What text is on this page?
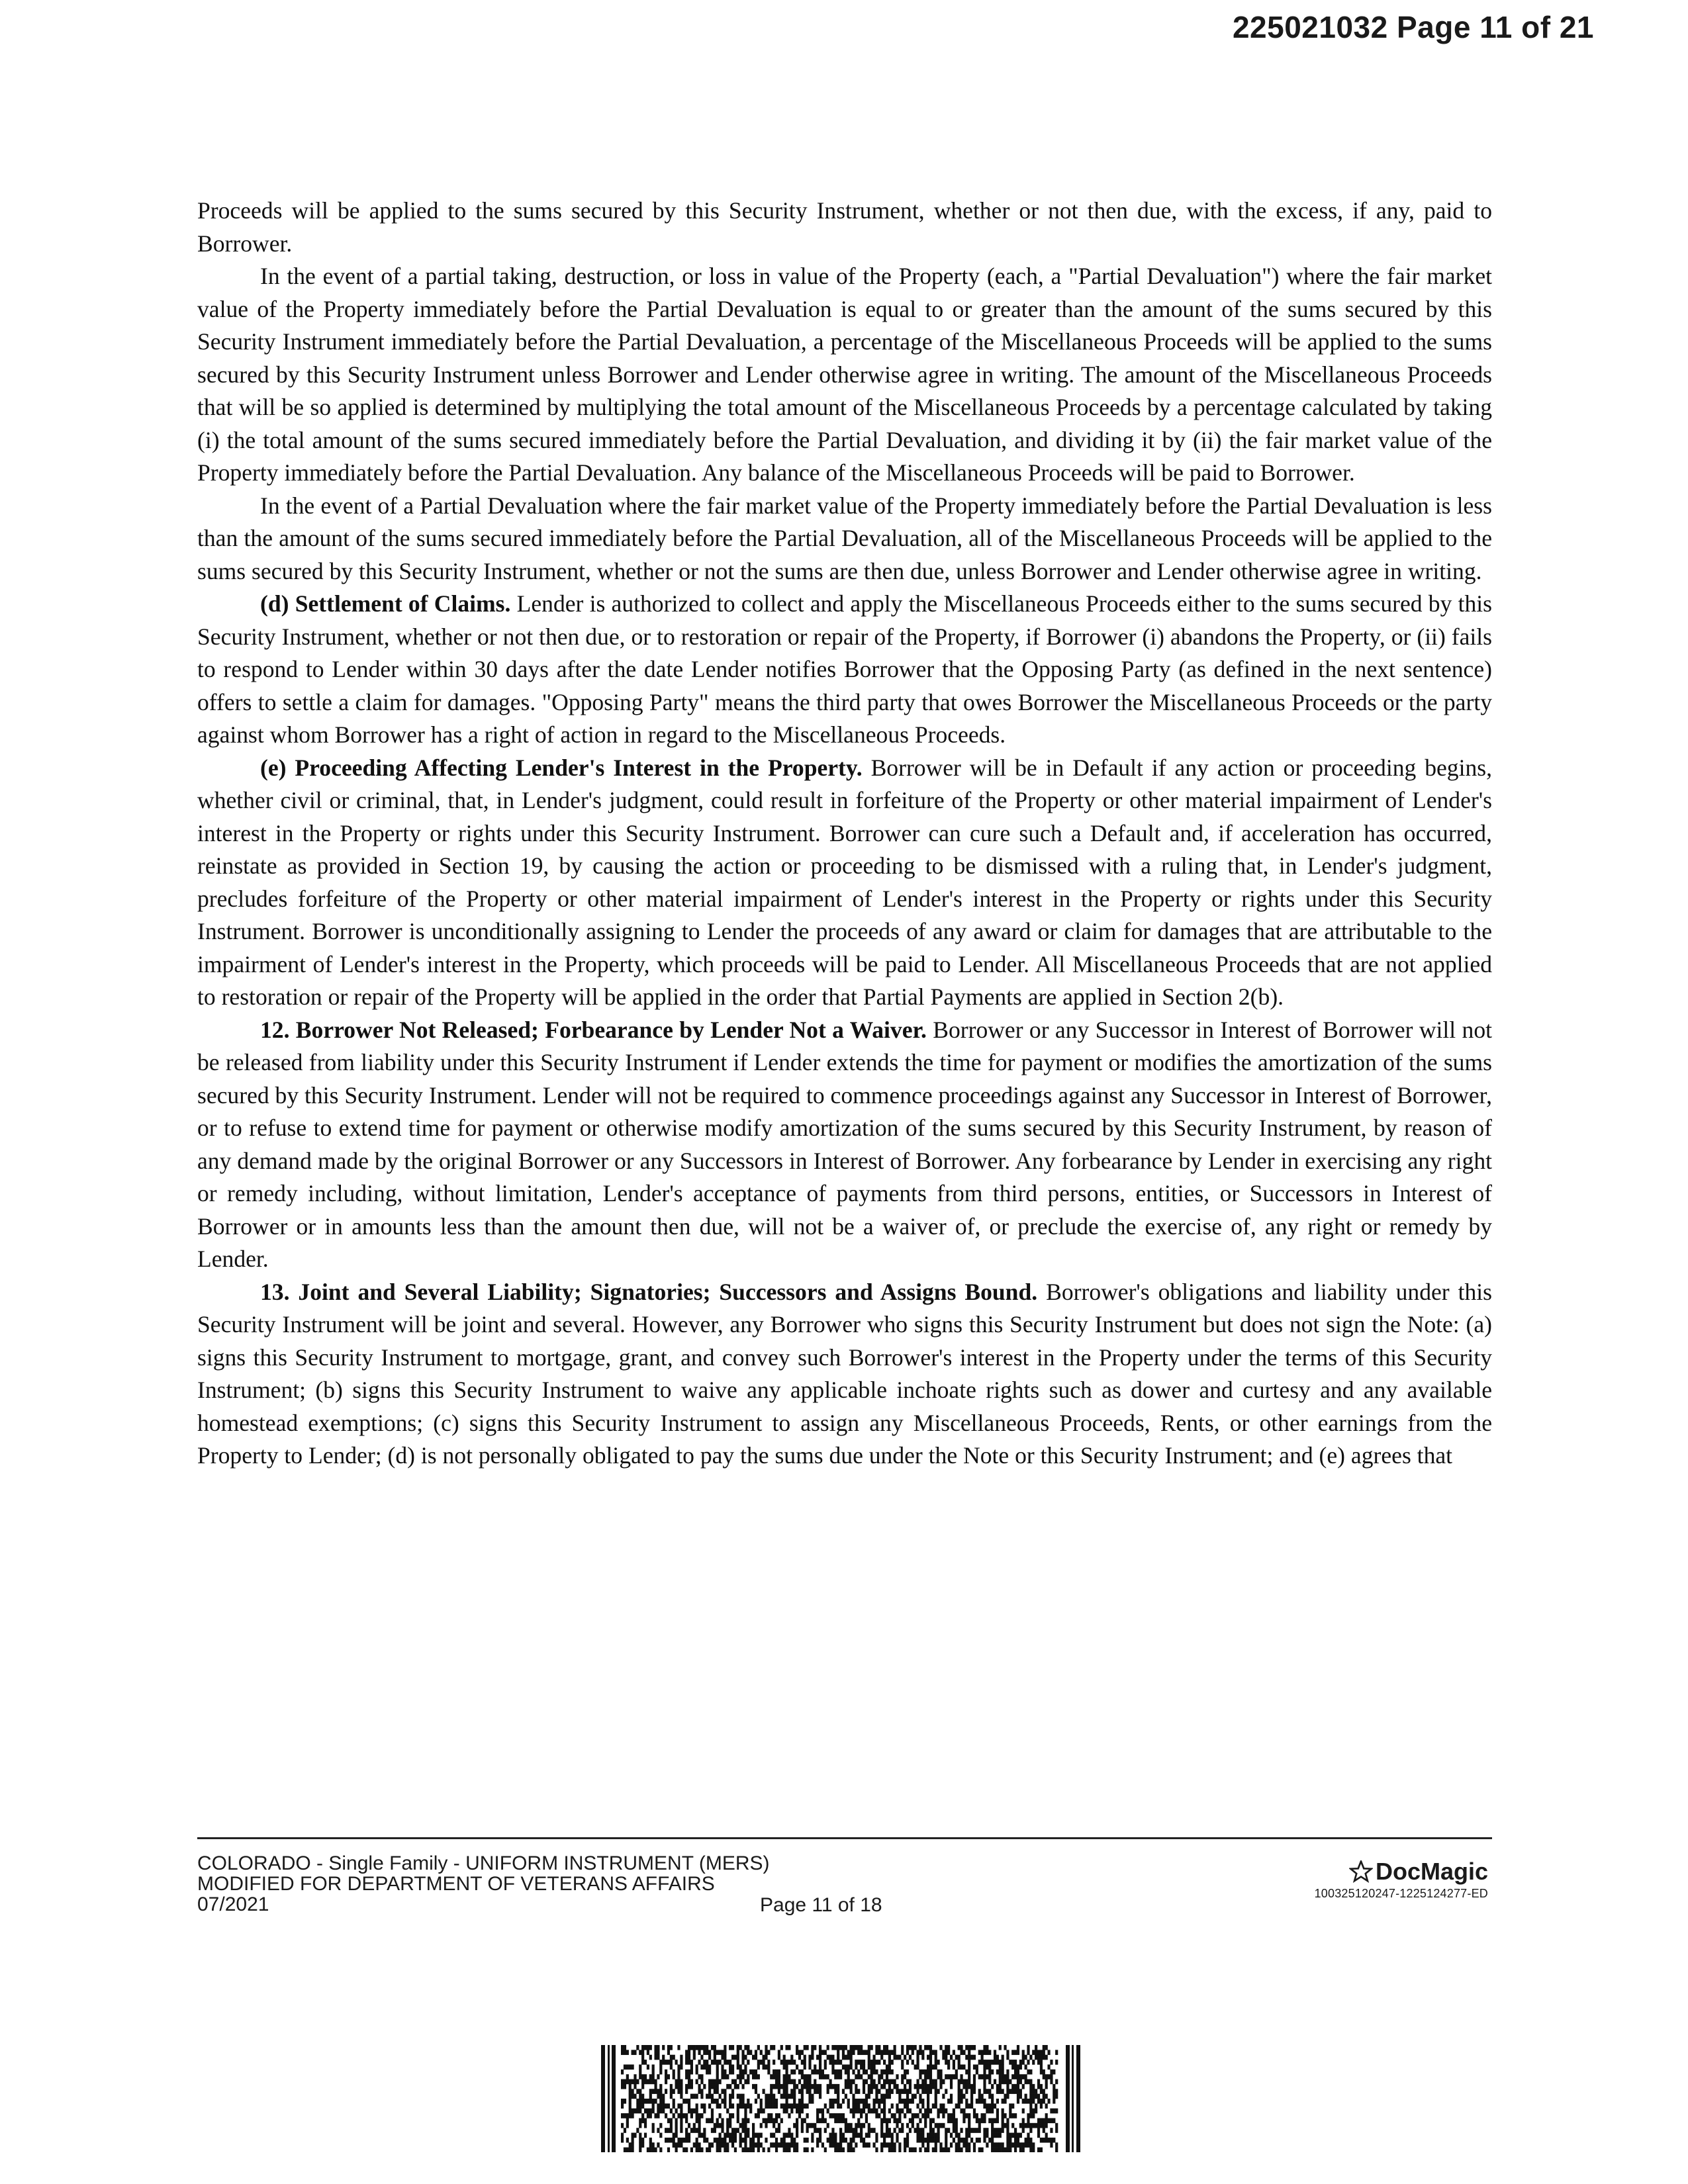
225021032 Page 11 of 21

Proceeds will be applied to the sums secured by this Security Instrument, whether or not then due, with the excess, if any, paid to Borrower.

In the event of a partial taking, destruction, or loss in value of the Property (each, a "Partial Devaluation") where the fair market value of the Property immediately before the Partial Devaluation is equal to or greater than the amount of the sums secured by this Security Instrument immediately before the Partial Devaluation, a percentage of the Miscellaneous Proceeds will be applied to the sums secured by this Security Instrument unless Borrower and Lender otherwise agree in writing. The amount of the Miscellaneous Proceeds that will be so applied is determined by multiplying the total amount of the Miscellaneous Proceeds by a percentage calculated by taking (i) the total amount of the sums secured immediately before the Partial Devaluation, and dividing it by (ii) the fair market value of the Property immediately before the Partial Devaluation. Any balance of the Miscellaneous Proceeds will be paid to Borrower.

In the event of a Partial Devaluation where the fair market value of the Property immediately before the Partial Devaluation is less than the amount of the sums secured immediately before the Partial Devaluation, all of the Miscellaneous Proceeds will be applied to the sums secured by this Security Instrument, whether or not the sums are then due, unless Borrower and Lender otherwise agree in writing.

(d) Settlement of Claims. Lender is authorized to collect and apply the Miscellaneous Proceeds either to the sums secured by this Security Instrument, whether or not then due, or to restoration or repair of the Property, if Borrower (i) abandons the Property, or (ii) fails to respond to Lender within 30 days after the date Lender notifies Borrower that the Opposing Party (as defined in the next sentence) offers to settle a claim for damages. "Opposing Party" means the third party that owes Borrower the Miscellaneous Proceeds or the party against whom Borrower has a right of action in regard to the Miscellaneous Proceeds.

(e) Proceeding Affecting Lender's Interest in the Property. Borrower will be in Default if any action or proceeding begins, whether civil or criminal, that, in Lender's judgment, could result in forfeiture of the Property or other material impairment of Lender's interest in the Property or rights under this Security Instrument. Borrower can cure such a Default and, if acceleration has occurred, reinstate as provided in Section 19, by causing the action or proceeding to be dismissed with a ruling that, in Lender's judgment, precludes forfeiture of the Property or other material impairment of Lender's interest in the Property or rights under this Security Instrument. Borrower is unconditionally assigning to Lender the proceeds of any award or claim for damages that are attributable to the impairment of Lender's interest in the Property, which proceeds will be paid to Lender. All Miscellaneous Proceeds that are not applied to restoration or repair of the Property will be applied in the order that Partial Payments are applied in Section 2(b).

12. Borrower Not Released; Forbearance by Lender Not a Waiver. Borrower or any Successor in Interest of Borrower will not be released from liability under this Security Instrument if Lender extends the time for payment or modifies the amortization of the sums secured by this Security Instrument. Lender will not be required to commence proceedings against any Successor in Interest of Borrower, or to refuse to extend time for payment or otherwise modify amortization of the sums secured by this Security Instrument, by reason of any demand made by the original Borrower or any Successors in Interest of Borrower. Any forbearance by Lender in exercising any right or remedy including, without limitation, Lender's acceptance of payments from third persons, entities, or Successors in Interest of Borrower or in amounts less than the amount then due, will not be a waiver of, or preclude the exercise of, any right or remedy by Lender.

13. Joint and Several Liability; Signatories; Successors and Assigns Bound. Borrower's obligations and liability under this Security Instrument will be joint and several. However, any Borrower who signs this Security Instrument but does not sign the Note: (a) signs this Security Instrument to mortgage, grant, and convey such Borrower's interest in the Property under the terms of this Security Instrument; (b) signs this Security Instrument to waive any applicable inchoate rights such as dower and curtesy and any available homestead exemptions; (c) signs this Security Instrument to assign any Miscellaneous Proceeds, Rents, or other earnings from the Property to Lender; (d) is not personally obligated to pay the sums due under the Note or this Security Instrument; and (e) agrees that

COLORADO - Single Family - UNIFORM INSTRUMENT (MERS)
MODIFIED FOR DEPARTMENT OF VETERANS AFFAIRS
07/2021	Page 11 of 18
DocMagic
100325120247-1225124277-ED
